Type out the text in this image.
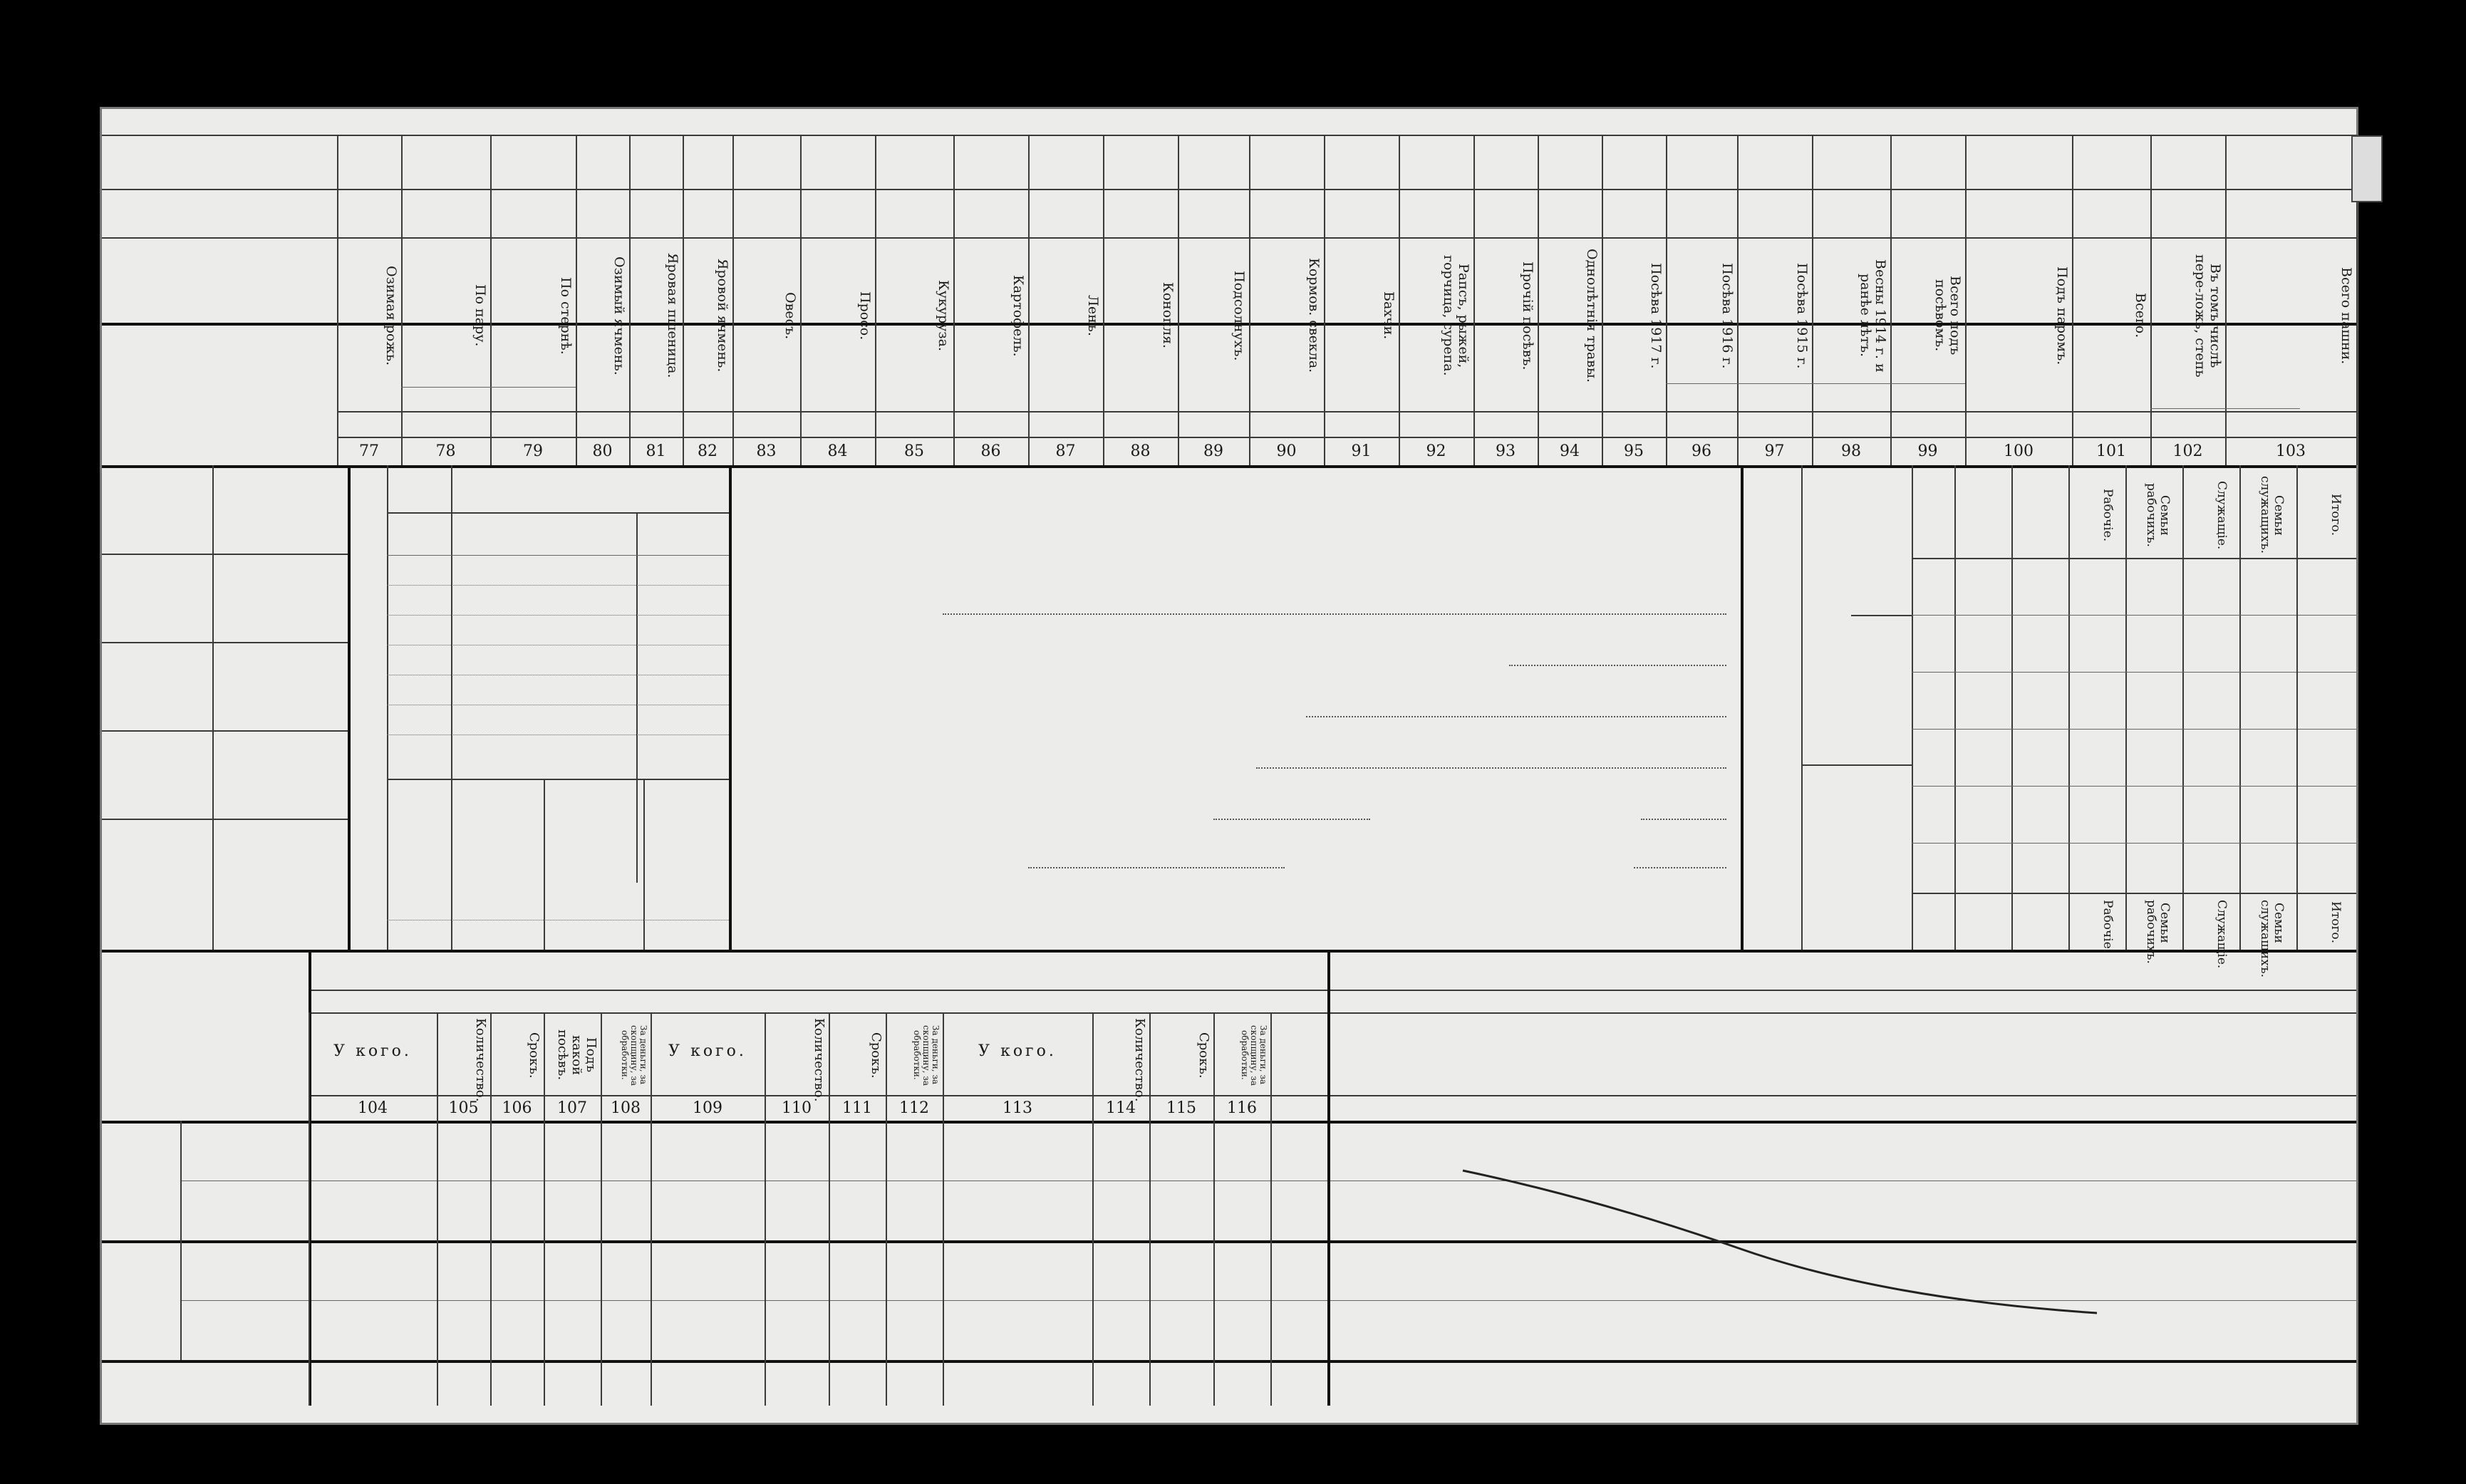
Озимая рожь.
77
По пару.
78
По стернѣ.
79
Озимый ячмень.
80
Яровая пшеница.
81
Яровой ячмень.
82
Овесъ.
83
Просо.
84
Кукуруза.
85
Картофель.
86
Ленъ.
87
Конопля.
88
Подсолнухъ.
89
Кормов. свекла.
90
Бахчи.
91
Рапсъ, рыжей, горчица, сурепа.
92
Прочій посѣвъ.
93
Однолѣтнія травы.
94
Посѣва 1917 г.
95
Посѣва 1916 г.
96
Посѣва 1915 г.
97
Весны 1914 г. и ранѣе лѣтъ.
98
Всего подъ посѣвомъ.
99
Подъ паромъ.
100
Всего.
101
Въ томъ числѣ пере-ложь, степь
102
Всего пашни.
103
Рабочіе.
Рабочіе.
Семьи рабочихъ.
Семьи рабочихъ.
Служащіе.
Служащіе.
Семьи служащихъ.
Семьи служащихъ.
Итого.
Итого.
У кого.
104
Количество.
105
Срокъ.
106
Подъ какой посѣвъ.
107
За деньги, за скопщину, за обработки.
108
У кого.
109
Количество.
110
Срокъ.
111
За деньги, за скопщину, за обработки.
112
У кого.
113
Количество.
114
Срокъ.
115
За деньги, за скопщину, за обработки.
116
